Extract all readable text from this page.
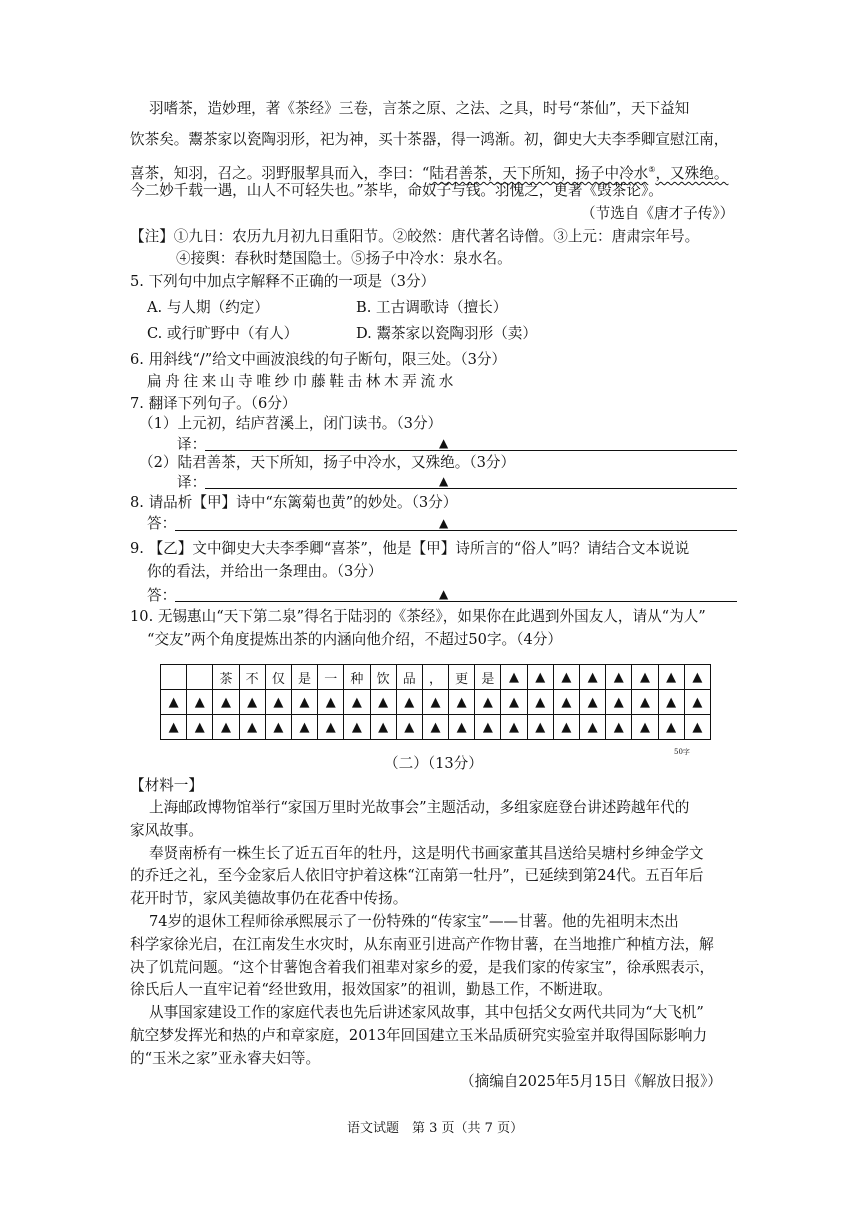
羽嗜茶，造妙理，著《茶经》三卷，言茶之原、之法、之具，时号“茶仙”，天下益知
饮茶矣。鬻茶家以瓷陶羽形，祀为神，买十茶器，得一鸿渐。初，御史大夫李季卿宣慰江南，
喜茶，知羽，召之。羽野服挈具而入，李曰：“陆君善茶，天下所知，扬子中冷水⑤，又殊绝。
今二妙千载一遇，山人不可轻失也。”茶毕，命奴子与钱。羽愧之，更著《毁茶论》。
（节选自《唐才子传》）
【注】①九日：农历九月初九日重阳节。②皎然：唐代著名诗僧。③上元：唐肃宗年号。
④接舆：春秋时楚国隐士。⑤扬子中冷水：泉水名。
5. 下列句中加点字解释不正确的一项是（3分）
A. 与人期（约定）	B. 工古调歌诗（擅长）
C. 或行旷野中（有人）	D. 鬻茶家以瓷陶羽形（卖）
6. 用斜线“/”给文中画波浪线的句子断句，限三处。（3分）
扁 舟 往 来 山 寺 唯 纱 巾 藤 鞋 击 林 木 弄 流 水
7. 翻译下列句子。（6分）
（1）上元初，结庐苕溪上，闭门读书。（3分）
译：	▲
（2）陆君善茶，天下所知，扬子中冷水，又殊绝。（3分）
译：	▲
8. 请品析【甲】诗中“东篱菊也黄”的妙处。（3分）
答：	▲
9. 【乙】文中御史大夫李季卿“喜茶”，他是【甲】诗所言的“俗人”吗？请结合文本说说
你的看法，并给出一条理由。（3分）
答：	▲
10. 无锡惠山“天下第二泉”得名于陆羽的《茶经》，如果你在此遇到外国友人，请从“为人”
“交友”两个角度提炼出茶的内涵向他介绍，不超过50字。（4分）
		茶	不	仅	是	一	种	饮	品	，	更	是	▲	▲	▲	▲	▲	▲	▲	▲
▲	▲	▲	▲	▲	▲	▲	▲	▲	▲	▲	▲	▲	▲	▲	▲	▲	▲	▲	▲	▲
▲	▲	▲	▲	▲	▲	▲	▲	▲	▲	▲	▲	▲	▲	▲	▲	▲	▲	▲	▲	▲
50字
（二）（13分）
【材料一】
上海邮政博物馆举行“家国万里时光故事会”主题活动，多组家庭登台讲述跨越年代的
家风故事。
奉贤南桥有一株生长了近五百年的牡丹，这是明代书画家董其昌送给吴塘村乡绅金学文
的乔迁之礼，至今金家后人依旧守护着这株“江南第一牡丹”，已延续到第24代。五百年后
花开时节，家风美德故事仍在花香中传扬。
74岁的退休工程师徐承熙展示了一份特殊的“传家宝”——甘薯。他的先祖明末杰出
科学家徐光启，在江南发生水灾时，从东南亚引进高产作物甘薯，在当地推广种植方法，解
决了饥荒问题。“这个甘薯饱含着我们祖辈对家乡的爱，是我们家的传家宝”，徐承熙表示，
徐氏后人一直牢记着“经世致用，报效国家”的祖训，勤恳工作，不断进取。
从事国家建设工作的家庭代表也先后讲述家风故事，其中包括父女两代共同为“大飞机”
航空梦发挥光和热的卢和章家庭，2013年回国建立玉米品质研究实验室并取得国际影响力
的“玉米之家”亚永睿夫妇等。
（摘编自2025年5月15日《解放日报》）
语文试题　第 3 页（共 7 页）
